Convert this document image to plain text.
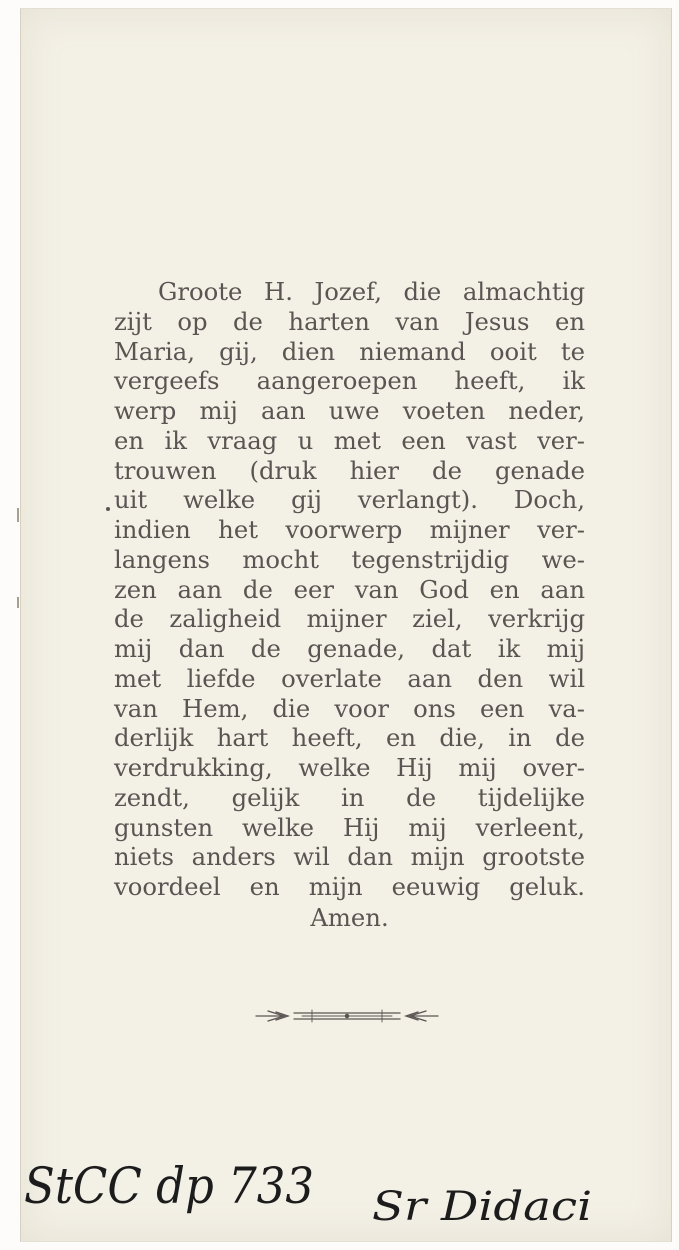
Groote H. Jozef, die almachtig
zijt op de harten van Jesus en
Maria, gij, dien niemand ooit te
vergeefs aangeroepen heeft, ik
werp mij aan uwe voeten neder,
en ik vraag u met een vast ver-
trouwen (druk hier de genade
uit welke gij verlangt). Doch,
indien het voorwerp mijner ver-
langens mocht tegenstrijdig we-
zen aan de eer van God en aan
de zaligheid mijner ziel, verkrijg
mij dan de genade, dat ik mij
met liefde overlate aan den wil
van Hem, die voor ons een va-
derlijk hart heeft, en die, in de
verdrukking, welke Hij mij over-
zendt, gelijk in de tijdelijke
gunsten welke Hij mij verleent,
niets anders wil dan mijn grootste
voordeel en mijn eeuwig geluk.
Amen.
StCC dp 733 Sr Didaci
